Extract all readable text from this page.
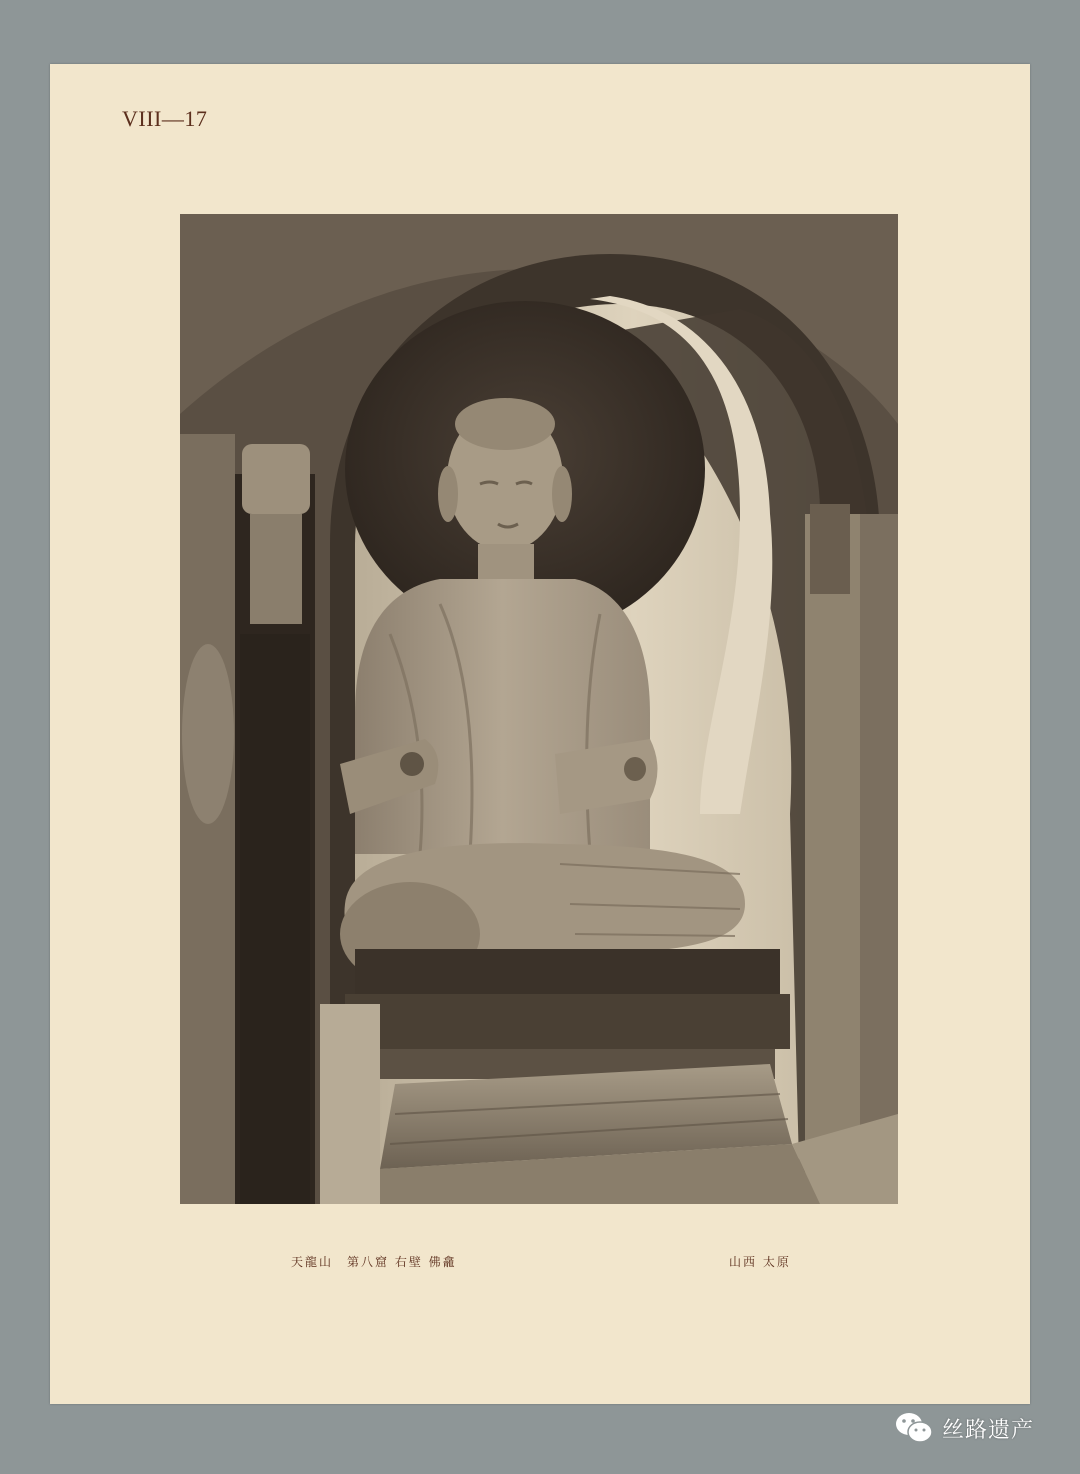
VIII—17
天龍山　第八窟 右壁 佛龕	山西 太原
丝路遗产
